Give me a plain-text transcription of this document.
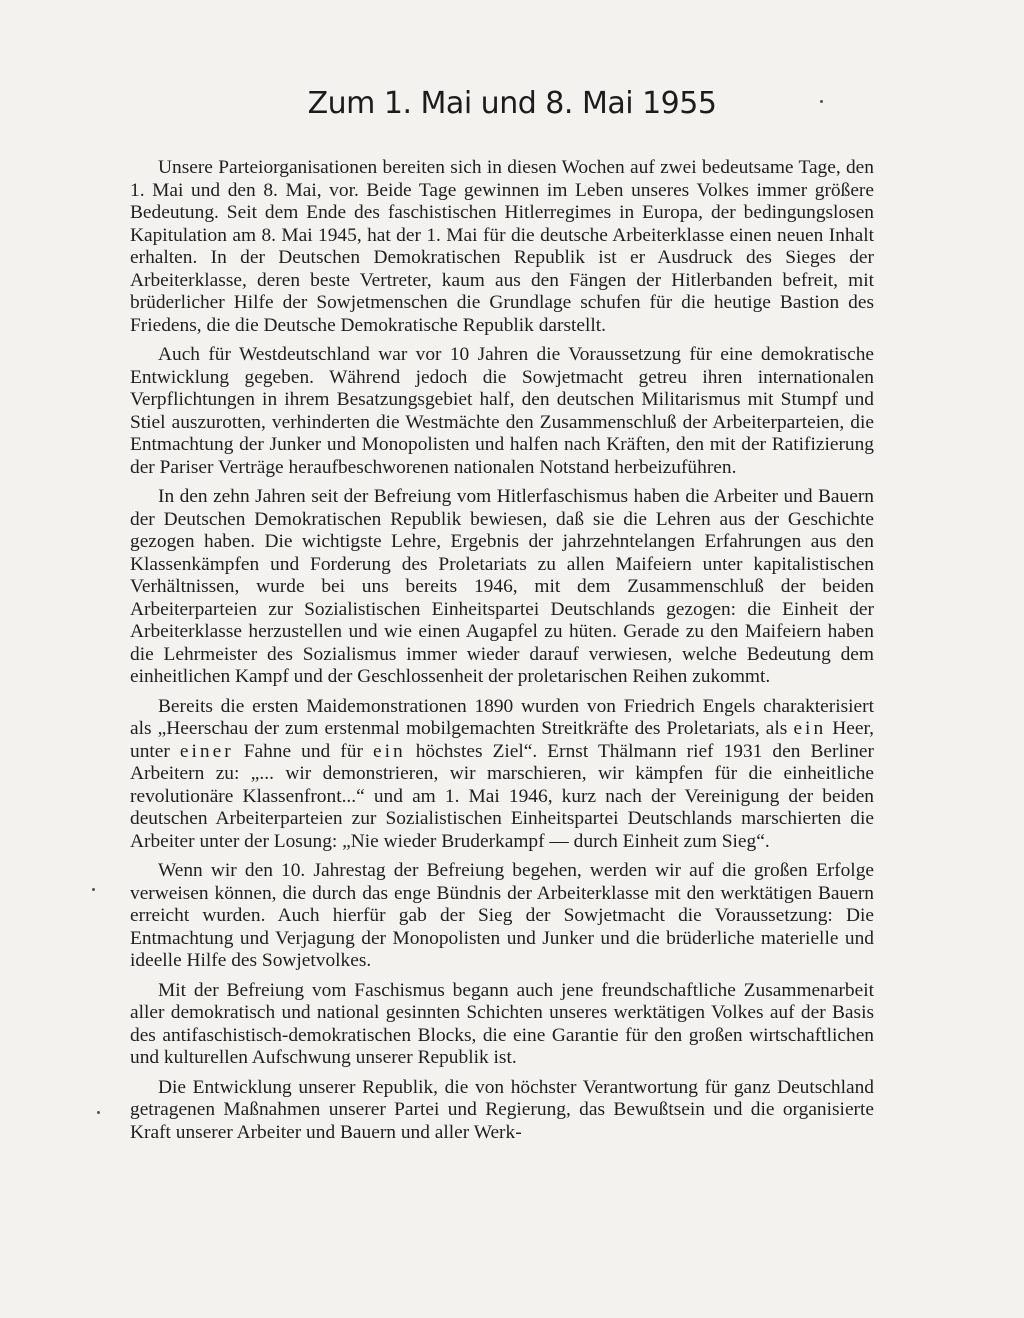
Zum 1. Mai und 8. Mai 1955

Unsere Parteiorganisationen bereiten sich in diesen Wochen auf zwei bedeutsame Tage, den 1. Mai und den 8. Mai, vor. Beide Tage gewinnen im Leben unseres Volkes immer größere Bedeutung. Seit dem Ende des faschistischen Hitlerregimes in Europa, der bedingungslosen Kapitulation am 8. Mai 1945, hat der 1. Mai für die deutsche Arbeiterklasse einen neuen Inhalt erhalten. In der Deutschen Demokratischen Republik ist er Ausdruck des Sieges der Arbeiterklasse, deren beste Vertreter, kaum aus den Fängen der Hitlerbanden befreit, mit brüderlicher Hilfe der Sowjetmenschen die Grundlage schufen für die heutige Bastion des Friedens, die die Deutsche Demokratische Republik darstellt.

Auch für Westdeutschland war vor 10 Jahren die Voraussetzung für eine demokratische Entwicklung gegeben. Während jedoch die Sowjetmacht getreu ihren internationalen Verpflichtungen in ihrem Besatzungsgebiet half, den deutschen Militarismus mit Stumpf und Stiel auszurotten, verhinderten die Westmächte den Zusammenschluß der Arbeiterparteien, die Entmachtung der Junker und Monopolisten und halfen nach Kräften, den mit der Ratifizierung der Pariser Verträge heraufbeschworenen nationalen Notstand herbeizuführen.

In den zehn Jahren seit der Befreiung vom Hitlerfaschismus haben die Arbeiter und Bauern der Deutschen Demokratischen Republik bewiesen, daß sie die Lehren aus der Geschichte gezogen haben. Die wichtigste Lehre, Ergebnis der jahrzehntelangen Erfahrungen aus den Klassenkämpfen und Forderung des Proletariats zu allen Maifeiern unter kapitalistischen Verhältnissen, wurde bei uns bereits 1946, mit dem Zusammenschluß der beiden Arbeiterparteien zur Sozialistischen Einheitspartei Deutschlands gezogen: die Einheit der Arbeiterklasse herzustellen und wie einen Augapfel zu hüten. Gerade zu den Maifeiern haben die Lehrmeister des Sozialismus immer wieder darauf verwiesen, welche Bedeutung dem einheitlichen Kampf und der Geschlossenheit der proletarischen Reihen zukommt.

Bereits die ersten Maidemonstrationen 1890 wurden von Friedrich Engels charakterisiert als „Heerschau der zum erstenmal mobilgemachten Streitkräfte des Proletariats, als ein Heer, unter einer Fahne und für ein höchstes Ziel“. Ernst Thälmann rief 1931 den Berliner Arbeitern zu: „... wir demonstrieren, wir marschieren, wir kämpfen für die einheitliche revolutionäre Klassenfront...“ und am 1. Mai 1946, kurz nach der Vereinigung der beiden deutschen Arbeiterparteien zur Sozialistischen Einheitspartei Deutschlands marschierten die Arbeiter unter der Losung: „Nie wieder Bruderkampf — durch Einheit zum Sieg“.

Wenn wir den 10. Jahrestag der Befreiung begehen, werden wir auf die großen Erfolge verweisen können, die durch das enge Bündnis der Arbeiterklasse mit den werktätigen Bauern erreicht wurden. Auch hierfür gab der Sieg der Sowjetmacht die Voraussetzung: Die Entmachtung und Verjagung der Monopolisten und Junker und die brüderliche materielle und ideelle Hilfe des Sowjetvolkes.

Mit der Befreiung vom Faschismus begann auch jene freundschaftliche Zusammenarbeit aller demokratisch und national gesinnten Schichten unseres werktätigen Volkes auf der Basis des antifaschistisch-demokratischen Blocks, die eine Garantie für den großen wirtschaftlichen und kulturellen Aufschwung unserer Republik ist.

Die Entwicklung unserer Republik, die von höchster Verantwortung für ganz Deutschland getragenen Maßnahmen unserer Partei und Regierung, das Bewußtsein und die organisierte Kraft unserer Arbeiter und Bauern und aller Werk-
